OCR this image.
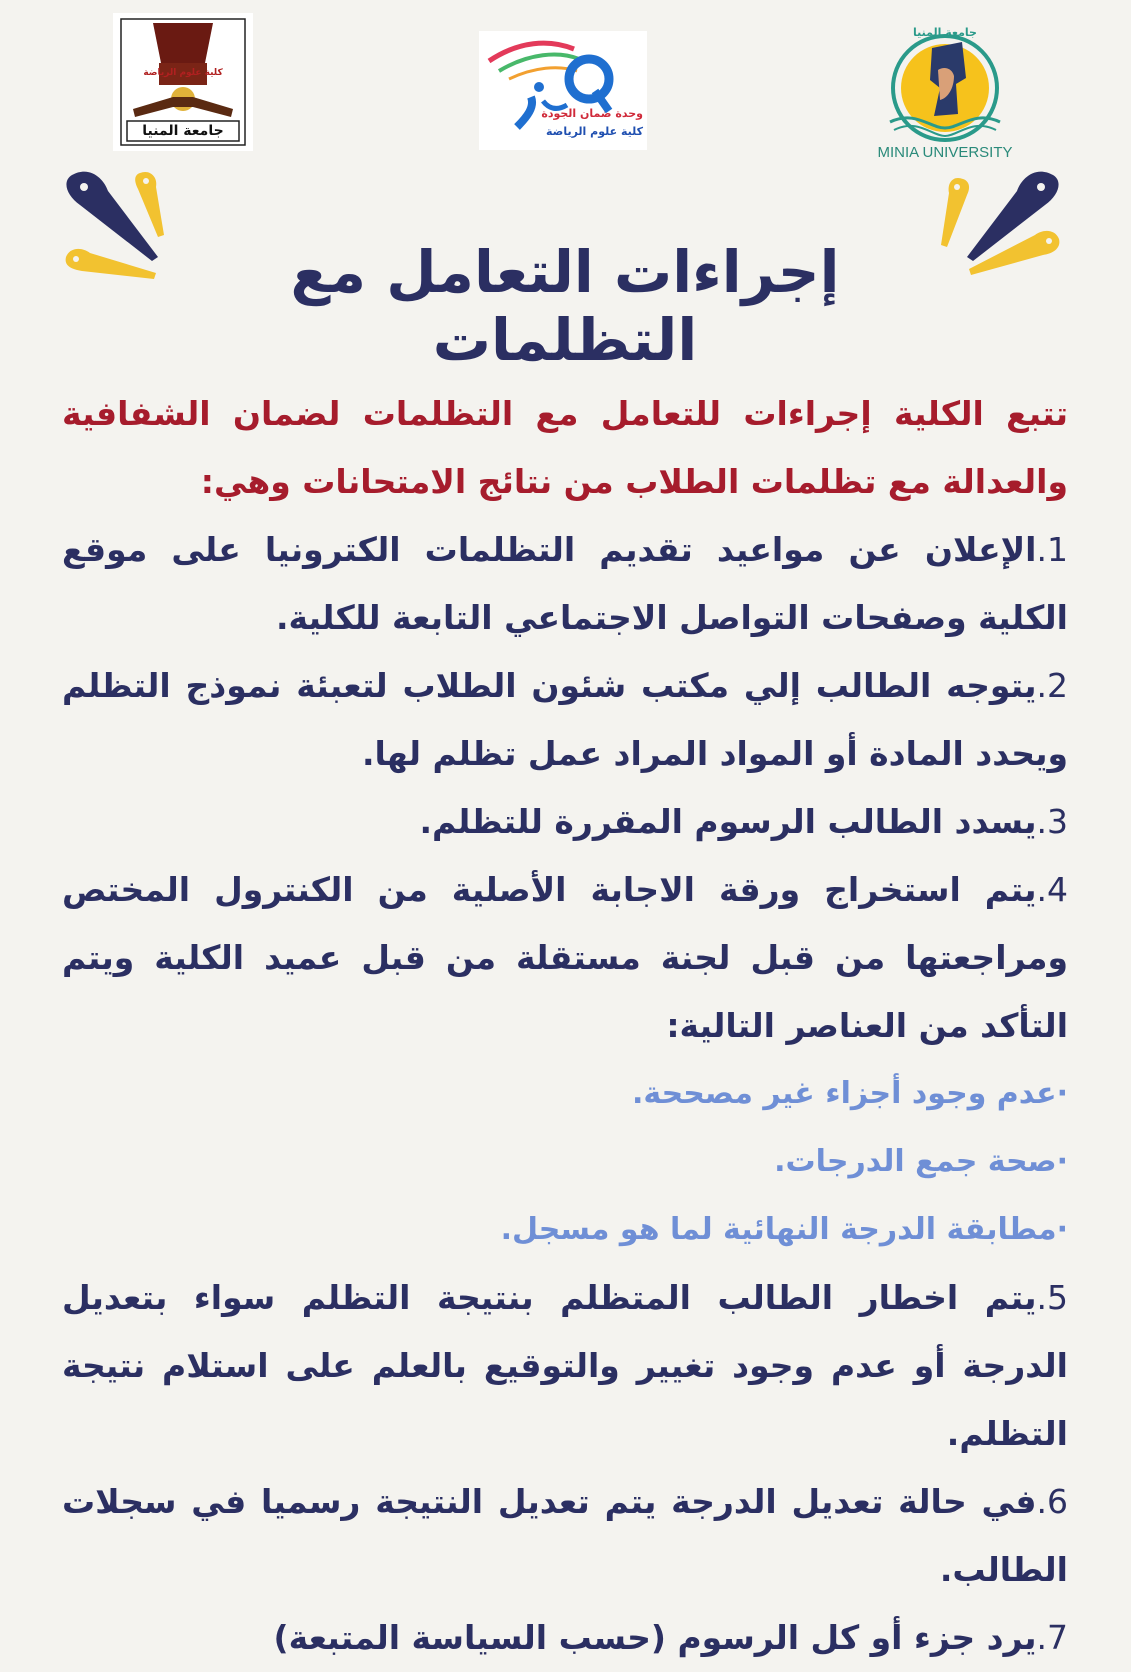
كلية علوم الرياضة
جامعة المنيا
وحدة ضمان الجودة
كلية علوم الرياضة
جامعة المنيا
MINIA UNIVERSITY
إجراءات التعامل مع التظلمات

تتبع الكلية إجراءات للتعامل مع التظلمات لضمان الشفافية والعدالة مع تظلمات الطلاب من نتائج الامتحانات وهي:

1.الإعلان عن مواعيد تقديم التظلمات الكترونيا على موقع الكلية وصفحات التواصل الاجتماعي التابعة للكلية.

2.يتوجه الطالب إلي مكتب شئون الطلاب لتعبئة نموذج التظلم ويحدد المادة أو المواد المراد عمل تظلم لها.

3.يسدد الطالب الرسوم المقررة للتظلم.

4.يتم استخراج ورقة الاجابة الأصلية من الكنترول المختص ومراجعتها من قبل لجنة مستقلة من قبل عميد الكلية ويتم التأكد من العناصر التالية:

·عدم وجود أجزاء غير مصححة.

·صحة جمع الدرجات.

·مطابقة الدرجة النهائية لما هو مسجل.

5.يتم اخطار الطالب المتظلم بنتيجة التظلم سواء بتعديل الدرجة أو عدم وجود تغيير والتوقيع بالعلم على استلام نتيجة التظلم.

6.في حالة تعديل الدرجة يتم تعديل النتيجة رسميا في سجلات الطالب.

7.يرد جزء أو كل الرسوم (حسب السياسة المتبعة)
